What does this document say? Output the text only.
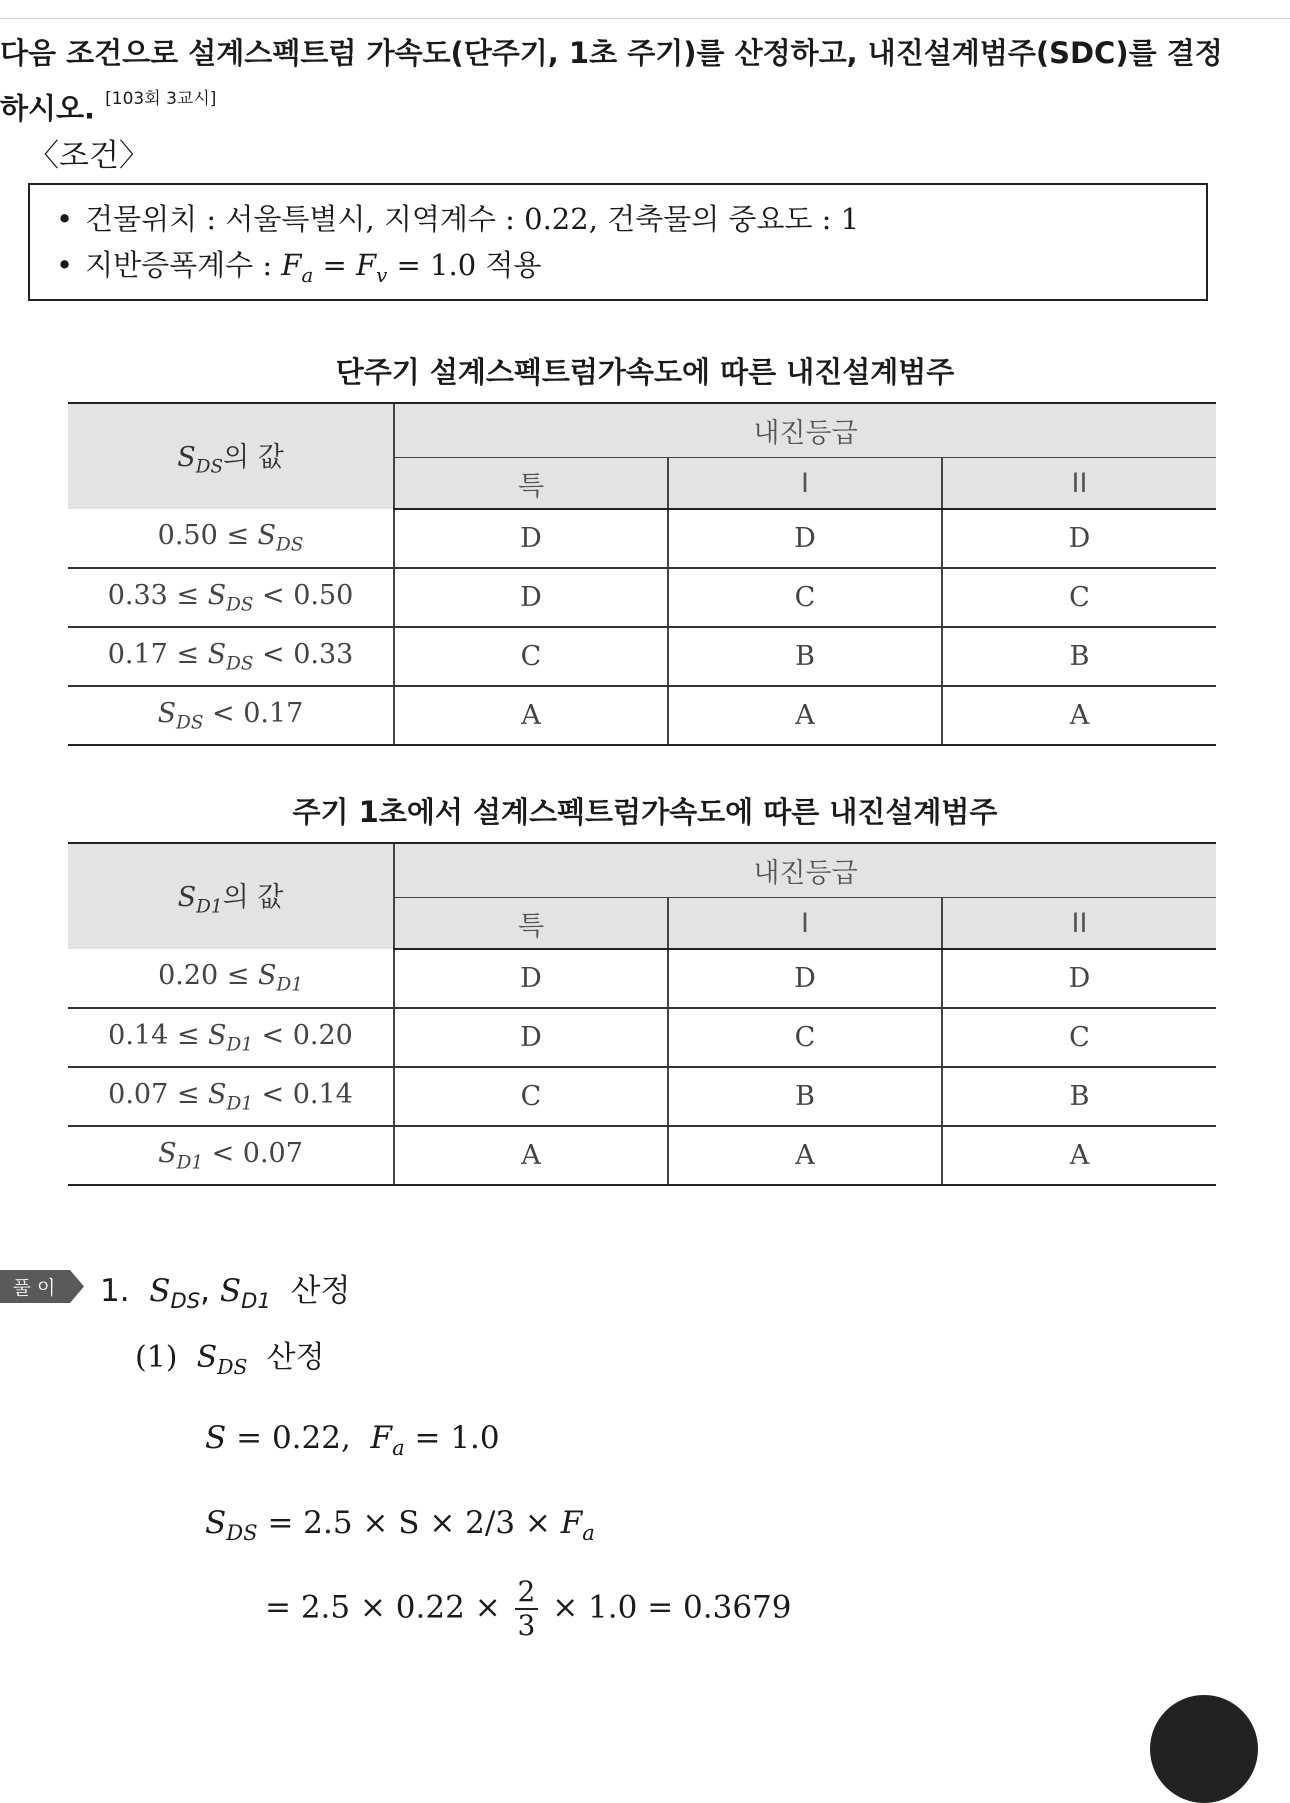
다음 조건으로 설계스펙트럼 가속도(단주기, 1초 주기)를 산정하고, 내진설계범주(SDC)를 결정하시오. [103회 3교시]
〈조건〉
• 건물위치 : 서울특별시, 지역계수 : 0.22, 건축물의 중요도 : 1
• 지반증폭계수 : $F_a = F_v = 1.0$ 적용
단주기 설계스펙트럼가속도에 따른 내진설계범주
$S_{DS}$의 값	내진등급		
	특	I	II
$0.50 \le S_{DS}$	D	D	D
$0.33 \le S_{DS} < 0.50$	D	C	C
$0.17 \le S_{DS} < 0.33$	C	B	B
$S_{DS} < 0.17$	A	A	A
주기 1초에서 설계스펙트럼가속도에 따른 내진설계범주
$S_{D1}$의 값	내진등급		
	특	I	II
$0.20 \le S_{D1}$	D	D	D
$0.14 \le S_{D1} < 0.20$	D	C	C
$0.07 \le S_{D1} < 0.14$	C	B	B
$S_{D1} < 0.07$	A	A	A
풀 이 1. $S_{DS}$, $S_{D1}$ 산정
(1) $S_{DS}$ 산정
S = 0.22, $F_a = 1.0$
$S_{DS} = 2.5 \times S \times 2/3 \times F_a$
= $2.5 \times 0.22 \times \frac{2}{3} \times 1.0 = 0.3679$
